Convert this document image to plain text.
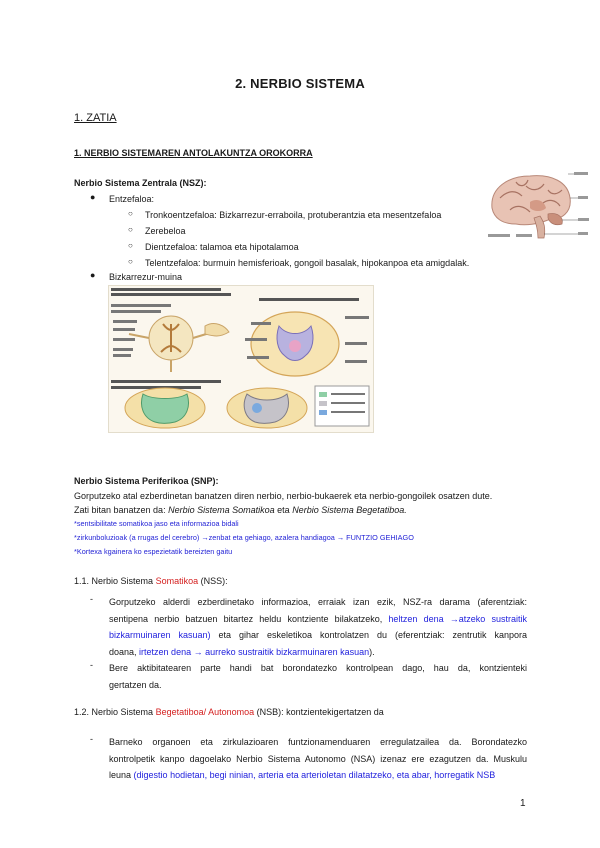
2. NERBIO SISTEMA
1. ZATIA
1. NERBIO SISTEMAREN ANTOLAKUNTZA OROKORRA
Nerbio Sistema Zentrala (NSZ):
● Entzefaloa:
○ Tronkoentzefaloa: Bizkarrezur-erraboila, protuberantzia eta mesentzefaloa
○ Zerebeloa
○ Dientzefaloa: talamoa eta hipotalamoa
○ Telentzefaloa: burmuin hemisferioak, gongoil basalak, hipokanpoa eta amigdalak.
● Bizkarrezur-muina
Nerbio Sistema Periferikoa (SNP):
Gorputzeko atal ezberdinetan banatzen diren nerbio, nerbio-bukaerek eta nerbio-gongoilek osatzen dute.
Zati bitan banatzen da: Nerbio Sistema Somatikoa eta Nerbio Sistema Begetatiboa.
*sentsibilitate somatikoa jaso eta informazioa bidali
*zirkunboluzioak (a rrugas del cerebro) →zenbat eta gehiago, azalera handiagoa → FUNTZIO GEHIAGO
*Kortexa kgainera ko espezietatik bereizten gaitu
1.1. Nerbio Sistema Somatikoa (NSS):
- Gorputzeko alderdi ezberdinetako informazioa, erraiak izan ezik, NSZ-ra darama (aferentziak:
sentipena nerbio batzuen bitartez heldu kontziente bilakatzeko, heltzen dena →atzeko sustraitik
bizkarmuinaren kasuan) eta gihar eskeletikoa kontrolatzen du (eferentziak: zentrutik kanpora
doana, irtetzen dena → aurreko sustraitik bizkarmuinaren kasuan).
- Bere aktibitatearen parte handi bat borondatezko kontrolpean dago, hau da, kontzienteki
gertatzen da.
1.2. Nerbio Sistema Begetatiboa/ Autonomoa (NSB): kontzientekigertatzen da
- Barneko organoen eta zirkulazioaren funtzionamenduaren erregulatzailea da. Borondatezko
kontrolpetik kanpo dagoelako Nerbio Sistema Autonomo (NSA) izenaz ere ezagutzen da. Muskulu
leuna (digestio hodietan, begi ninian, arteria eta arterioletan dilatatzeko, eta abar, horregatik NSB
1
